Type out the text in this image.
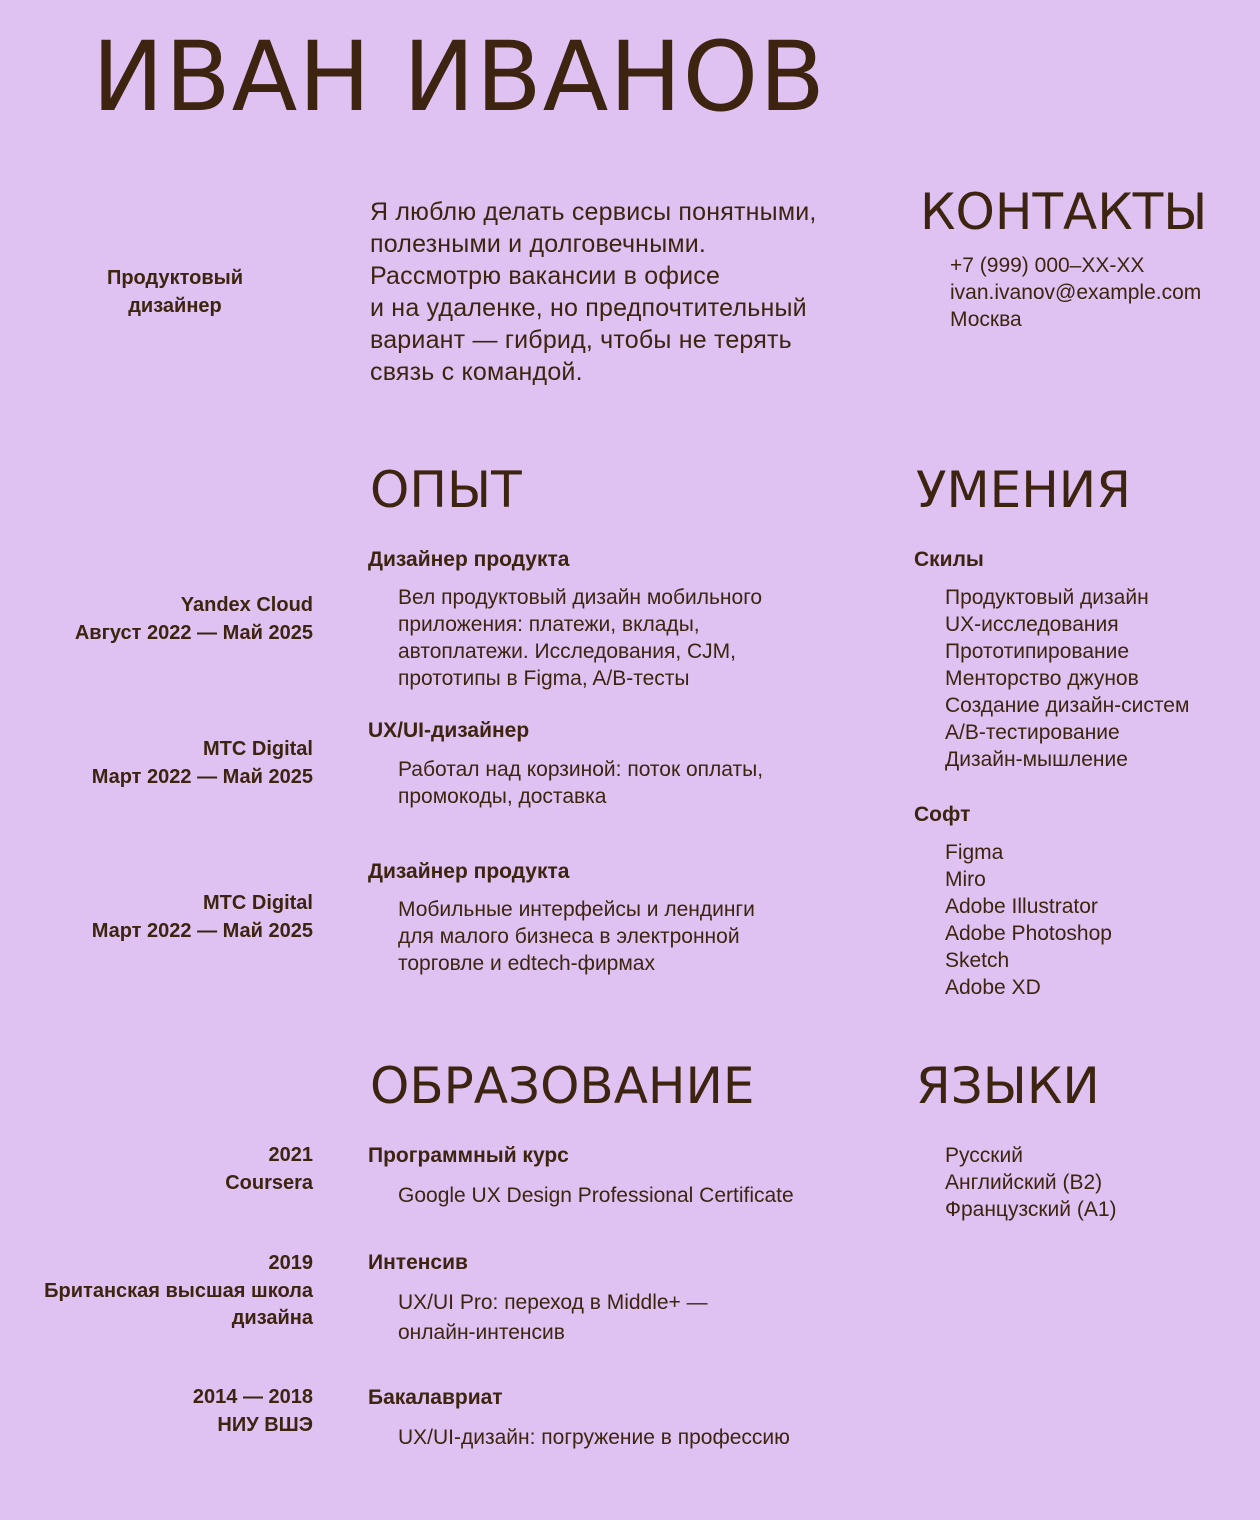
ИВАН ИВАНОВ
Продуктовый
дизайнер
Я люблю делать сервисы понятными,
полезными и долговечными.
Рассмотрю вакансии в офисе
и на удаленке, но предпочтительный
вариант — гибрид, чтобы не терять
связь с командой.
КОНТАКТЫ
+7 (999) 000–XX-XX
ivan.ivanov@example.com
Москва
ОПЫТ
Yandex Cloud
Август 2022 — Май 2025
Дизайнер продукта
Вел продуктовый дизайн мобильного
приложения: платежи, вклады,
автоплатежи. Исследования, CJM,
прототипы в Figma, A/B-тесты
МТС Digital
Март 2022 — Май 2025
UX/UI-дизайнер
Работал над корзиной: поток оплаты,
промокоды, доставка
МТС Digital
Март 2022 — Май 2025
Дизайнер продукта
Мобильные интерфейсы и лендинги
для малого бизнеса в электронной
торговле и edtech-фирмах
УМЕНИЯ
Скилы
Продуктовый дизайн
UX-исследования
Прототипирование
Менторство джунов
Создание дизайн-систем
A/B-тестирование
Дизайн-мышление
Софт
Figma
Miro
Adobe Illustrator
Adobe Photoshop
Sketch
Adobe XD
ОБРАЗОВАНИЕ
2021
Coursera
Программный курс
Google UX Design Professional Certificate
2019
Британская высшая школа
дизайна
Интенсив
UX/UI Pro: переход в Middle+ —
онлайн-интенсив
2014 — 2018
НИУ ВШЭ
Бакалавриат
UX/UI-дизайн: погружение в профессию
ЯЗЫКИ
Русский
Английский (B2)
Французский (A1)
